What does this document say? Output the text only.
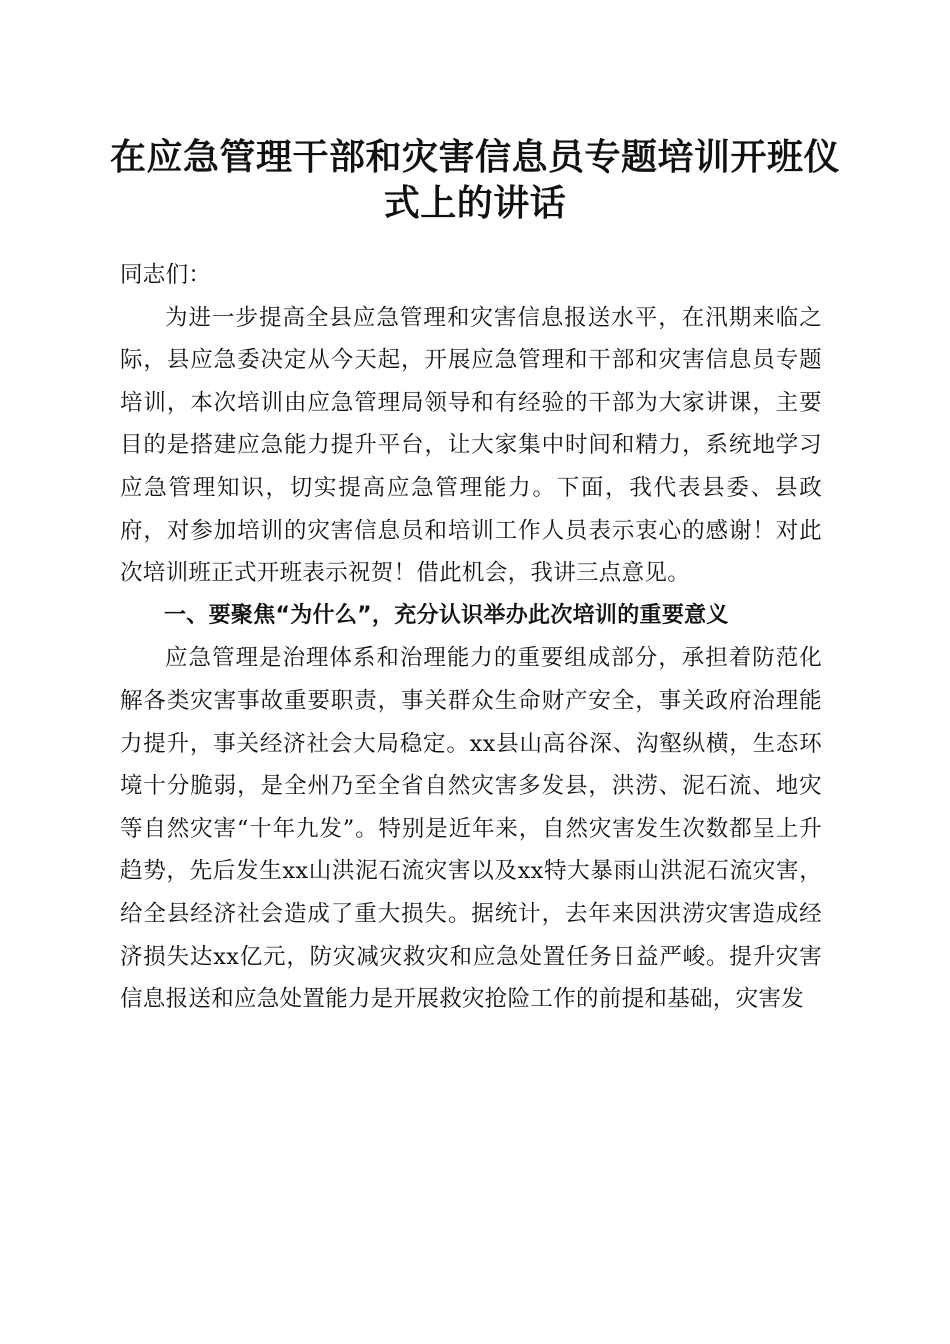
在应急管理干部和灾害信息员专题培训开班仪式上的讲话

同志们：

为进一步提高全县应急管理和灾害信息报送水平，在汛期来临之际，县应急委决定从今天起，开展应急管理和干部和灾害信息员专题培训，本次培训由应急管理局领导和有经验的干部为大家讲课，主要目的是搭建应急能力提升平台，让大家集中时间和精力，系统地学习应急管理知识，切实提高应急管理能力。下面，我代表县委、县政府，对参加培训的灾害信息员和培训工作人员表示衷心的感谢！对此次培训班正式开班表示祝贺！借此机会，我讲三点意见。

一、要聚焦“为什么”，充分认识举办此次培训的重要意义

应急管理是治理体系和治理能力的重要组成部分，承担着防范化解各类灾害事故重要职责，事关群众生命财产安全，事关政府治理能力提升，事关经济社会大局稳定。xx县山高谷深、沟壑纵横，生态环境十分脆弱，是全州乃至全省自然灾害多发县，洪涝、泥石流、地灾等自然灾害“十年九发”。特别是近年来，自然灾害发生次数都呈上升趋势，先后发生xx山洪泥石流灾害以及xx特大暴雨山洪泥石流灾害，给全县经济社会造成了重大损失。据统计，去年来因洪涝灾害造成经济损失达xx亿元，防灾减灾救灾和应急处置任务日益严峻。提升灾害信息报送和应急处置能力是开展救灾抢险工作的前提和基础，灾害发
